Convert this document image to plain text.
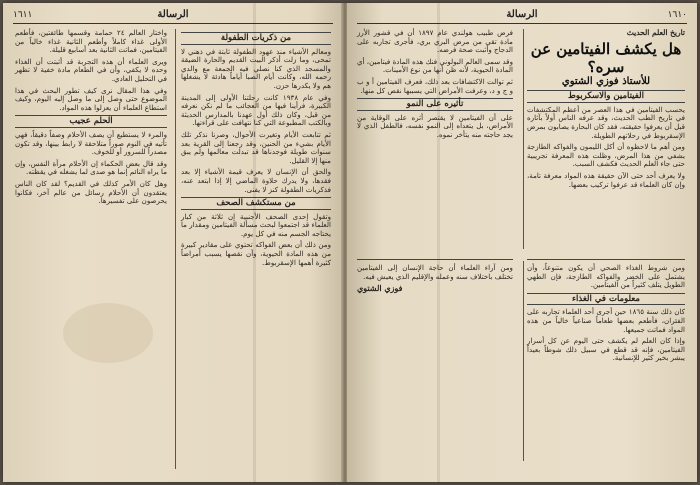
١٦١١	الرسالة
من ذكريات الطفولة

ومعالم الأشياء منذ عهود الطفولة ثابتة في ذهني لا تمحى، وما زلت أذكر البيت القديم والحارة الضيقة والمسجد الذي كنا نصلي فيه الجمعة مع والدي رحمه الله، وكانت أيام الصبا أياماً هادئة لا يشغلها هم ولا يكدرها حزن.

وفي عام ١٩٣٨ كانت رحلتنا الأولى إلى المدينة الكبيرة، فرأينا فيها من العجائب ما لم نكن نعرفه من قبل، وكان ذلك أول عهدنا بالمدارس الحديثة وبالكتب المطبوعة التي كنا نتهافت على قراءتها.

ثم تتابعت الأيام وتغيرت الأحوال، وصرنا نذكر تلك الأيام بشيء من الحنين، وقد رجعنا إلى القرية بعد سنوات طويلة فوجدناها قد تبدلت معالمها ولم يبق منها إلا القليل.

والحق أن الإنسان لا يعرف قيمة الأشياء إلا بعد فقدها، ولا يدرك حلاوة الماضي إلا إذا ابتعد عنه، فذكريات الطفولة كنز لا يفنى.

من مستكشف الصحف

وتقول إحدى الصحف الأجنبية إن ثلاثة من كبار العلماء قد اجتمعوا لبحث مسألة الفيتامين ومقدار ما يحتاجه الجسم منه في كل يوم.

ومن ذلك أن بعض الفواكه تحتوي على مقادير كبيرة من هذه المادة الحيوية، وأن نقصها يسبب أمراضاً كثيرة أهمها الإسقربوط.

واختار العالم ٢٤ حمامة وقسمها طائفتين، فأطعم الأولى غذاء كاملاً وأطعم الثانية غذاء خالياً من الفيتامين، فماتت الثانية بعد أسابيع قليلة.

ويرى العلماء أن هذه التجربة قد أثبتت أن الغذاء وحده لا يكفي، وأن في الطعام مادة خفية لا تظهر في التحليل العادي.

وفي هذا المقال نرى كيف تطور البحث في هذا الموضوع حتى وصل إلى ما وصل إليه اليوم، وكيف استطاع العلماء أن يعزلوا هذه المواد.

الحلم عجيب

والمرء لا يستطيع أن يصف الأحلام وصفاً دقيقاً، فهي تأتيه في النوم صوراً متلاحقة لا رابط بينها، وقد تكون مصدراً للسرور أو للخوف.

وقد قال بعض الحكماء إن الأحلام مرآة النفس، وإن ما يراه النائم إنما هو صدى لما يشغله في يقظته.

وهل كان الأمر كذلك في القديم؟ لقد كان الناس يعتقدون أن الأحلام رسائل من عالم آخر، فكانوا يحرصون على تفسيرها.

١٦١٠
الرسالة
تاريخ العلم الحديث
هل يكشف الفيتامين عن سره؟
للأستاذ فوزي الشتوي
الفيتامين والاسكربوط

يحسب الفيتامين في هذا العصر من أعظم المكتشفات في تاريخ الطب الحديث، وقد عرفه الناس أولاً بآثاره قبل أن يعرفوا حقيقته، فقد كان البحارة يصابون بمرض الإسقربوط في رحلاتهم الطويلة.

ومن أهم ما لاحظوه أن أكل الليمون والفواكه الطازجة يشفي من هذا المرض، وظلت هذه المعرفة تجريبية حتى جاء العلم الحديث فكشف السبب.

ولا يعرف أحد حتى الآن حقيقة هذه المواد معرفة تامة، وإن كان العلماء قد عرفوا تركيب بعضها.

فرض طبيب هولندي عام ١٨٩٧ أن في قشور الأرز مادة تقي من مرض البري بري، فأجرى تجاربه على الدجاج وأثبت صحة فرضه.

وقد سمى العالم البولوني فنك هذه المادة فيتامين، أي المادة الحيوية، لأنه ظن أنها من نوع الأمينات.

ثم توالت الاكتشافات بعد ذلك، فعرف الفيتامين أ و ب و ج و د، وعرفت الأمراض التي يسببها نقص كل منها.

تأثيره على النمو

على أن الفيتامين لا يقتصر أثره على الوقاية من الأمراض، بل يتعداه إلى النمو نفسه، فالطفل الذي لا يجد حاجته منه يتأخر نموه.

ومن شروط الغذاء الصحي أن يكون متنوعاً، وأن يشتمل على الخضر والفواكه الطازجة، فإن الطهي الطويل يتلف كثيراً من الفيتامين.

معلومات في الغذاء

كان ذلك سنة ١٨٦٥ حين أجرى أحد العلماء تجاربه على الفئران، فأطعم بعضها طعاماً صناعياً خالياً من هذه المواد فماتت جميعها.

وإذا كان العلم لم يكشف حتى اليوم عن كل أسرار الفيتامين، فإنه قد قطع في سبيل ذلك شوطاً بعيداً يبشر بخير كثير للإنسانية.

ومن آراء العلماء أن حاجة الإنسان إلى الفيتامين تختلف باختلاف سنه وعمله والإقليم الذي يعيش فيه.

فوزي الشتوي
